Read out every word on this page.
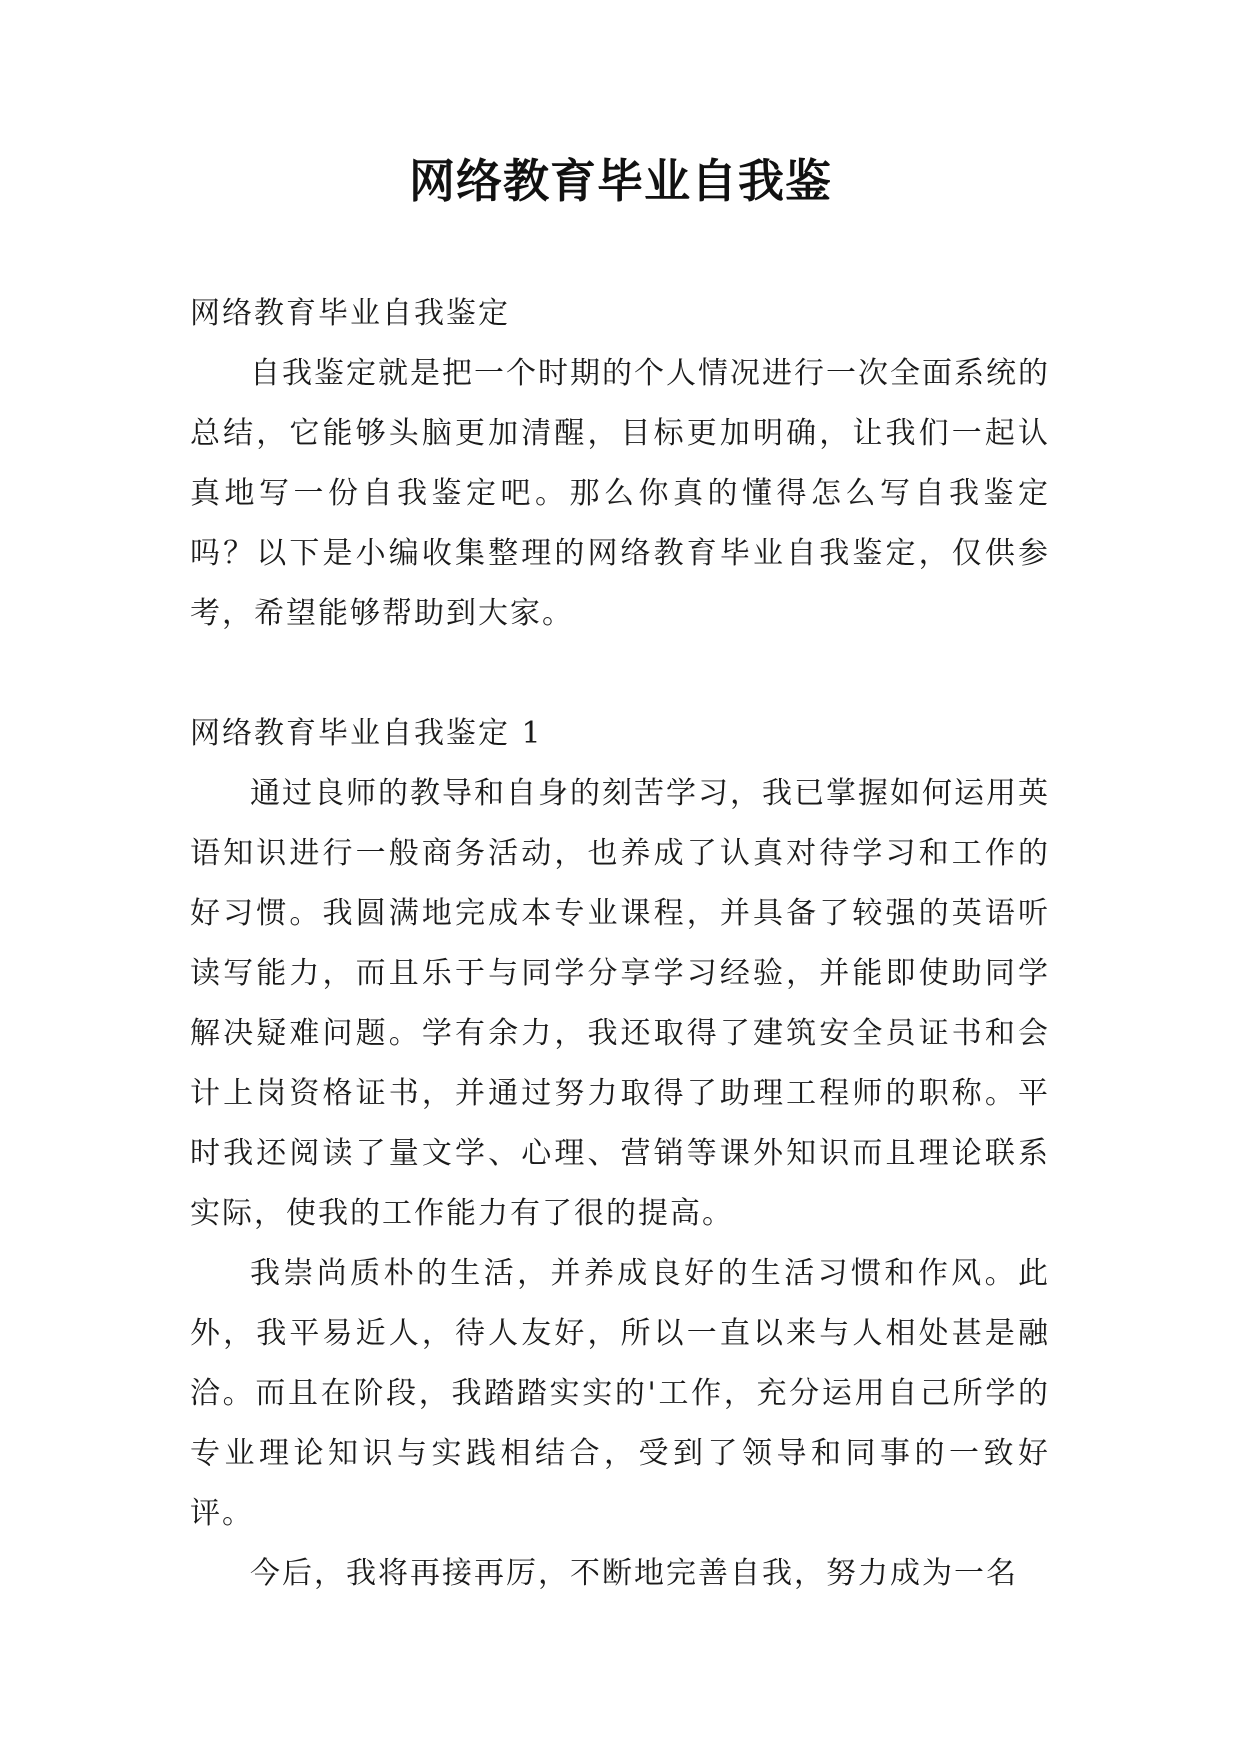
网络教育毕业自我鉴

网络教育毕业自我鉴定

自我鉴定就是把一个时期的个人情况进行一次全面系统的总结，它能够头脑更加清醒，目标更加明确，让我们一起认真地写一份自我鉴定吧。那么你真的懂得怎么写自我鉴定吗？以下是小编收集整理的网络教育毕业自我鉴定，仅供参考，希望能够帮助到大家。

网络教育毕业自我鉴定 1

通过良师的教导和自身的刻苦学习，我已掌握如何运用英语知识进行一般商务活动，也养成了认真对待学习和工作的好习惯。我圆满地完成本专业课程，并具备了较强的英语听读写能力，而且乐于与同学分享学习经验，并能即使助同学解决疑难问题。学有余力，我还取得了建筑安全员证书和会计上岗资格证书，并通过努力取得了助理工程师的职称。平时我还阅读了量文学、心理、营销等课外知识而且理论联系实际，使我的工作能力有了很的提高。

我崇尚质朴的生活，并养成良好的生活习惯和作风。此外，我平易近人，待人友好，所以一直以来与人相处甚是融洽。而且在阶段，我踏踏实实的'工作，充分运用自己所学的专业理论知识与实践相结合，受到了领导和同事的一致好评。

今后，我将再接再厉，不断地完善自我，努力成为一名
